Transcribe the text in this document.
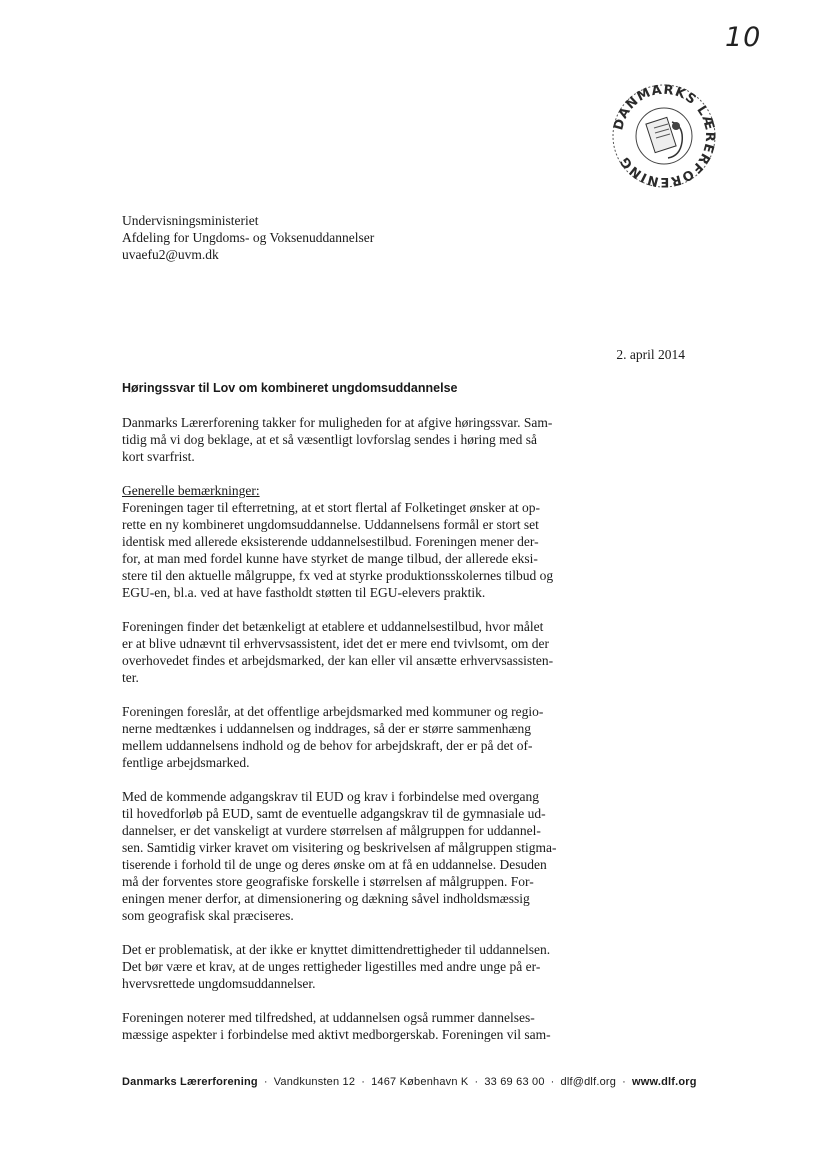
10
DANMARKS LÆRERFORENING
Undervisningsministeriet
Afdeling for Ungdoms- og Voksenuddannelser
uvaefu2@uvm.dk
2. april 2014
Høringssvar til Lov om kombineret ungdomsuddannelse
Danmarks Lærerforening takker for muligheden for at afgive høringssvar. Sam-
tidig må vi dog beklage, at et så væsentligt lovforslag sendes i høring med så
kort svarfrist.
Generelle bemærkninger:
Foreningen tager til efterretning, at et stort flertal af Folketinget ønsker at op-
rette en ny kombineret ungdomsuddannelse. Uddannelsens formål er stort set
identisk med allerede eksisterende uddannelsestilbud. Foreningen mener der-
for, at man med fordel kunne have styrket de mange tilbud, der allerede eksi-
stere til den aktuelle målgruppe, fx ved at styrke produktionsskolernes tilbud og
EGU-en, bl.a. ved at have fastholdt støtten til EGU-elevers praktik.
Foreningen finder det betænkeligt at etablere et uddannelsestilbud, hvor målet
er at blive udnævnt til erhvervsassistent, idet det er mere end tvivlsomt, om der
overhovedet findes et arbejdsmarked, der kan eller vil ansætte erhvervsassisten-
ter.
Foreningen foreslår, at det offentlige arbejdsmarked med kommuner og regio-
nerne medtænkes i uddannelsen og inddrages, så der er større sammenhæng
mellem uddannelsens indhold og de behov for arbejdskraft, der er på det of-
fentlige arbejdsmarked.
Med de kommende adgangskrav til EUD og krav i forbindelse med overgang
til hovedforløb på EUD, samt de eventuelle adgangskrav til de gymnasiale ud-
dannelser, er det vanskeligt at vurdere størrelsen af målgruppen for uddannel-
sen. Samtidig virker kravet om visitering og beskrivelsen af målgruppen stigma-
tiserende i forhold til de unge og deres ønske om at få en uddannelse. Desuden
må der forventes store geografiske forskelle i størrelsen af målgruppen. For-
eningen mener derfor, at dimensionering og dækning såvel indholdsmæssig
som geografisk skal præciseres.
Det er problematisk, at der ikke er knyttet dimittendrettigheder til uddannelsen.
Det bør være et krav, at de unges rettigheder ligestilles med andre unge på er-
hvervsrettede ungdomsuddannelser.
Foreningen noterer med tilfredshed, at uddannelsen også rummer dannelses-
mæssige aspekter i forbindelse med aktivt medborgerskab. Foreningen vil sam-
Danmarks Lærerforening · Vandkunsten 12 · 1467 København K · 33 69 63 00 · dlf@dlf.org · www.dlf.org
